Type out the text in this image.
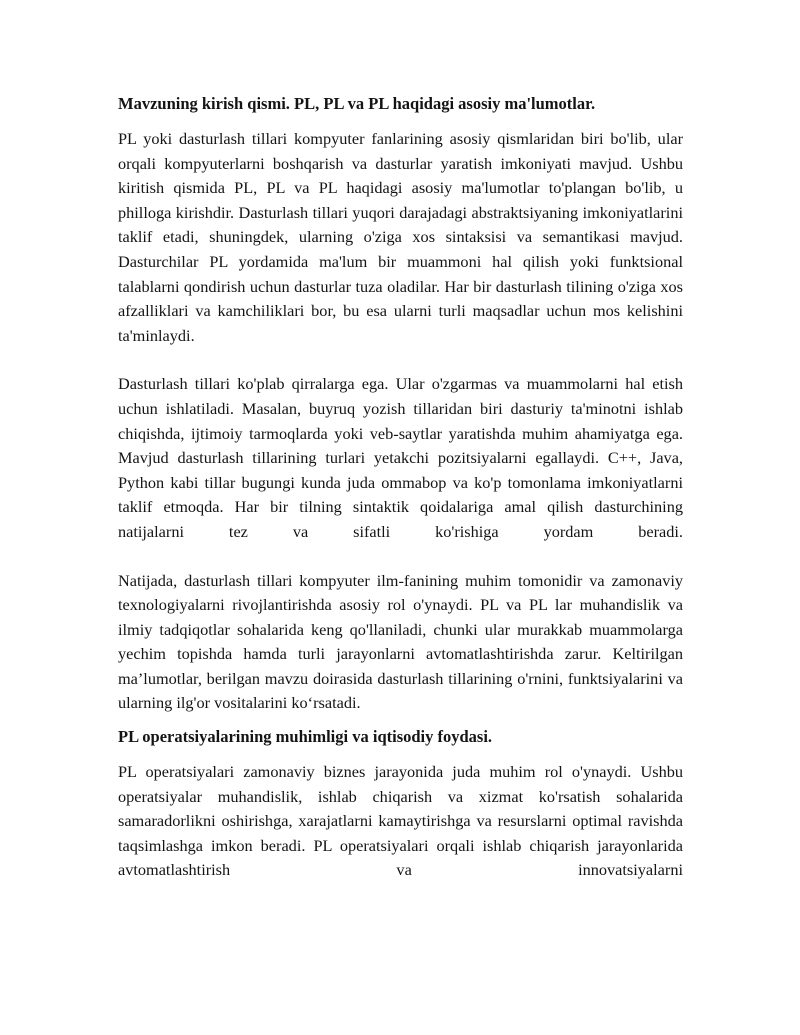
Mavzuning kirish qismi. PL, PL va PL haqidagi asosiy ma'lumotlar.

PL yoki dasturlash tillari kompyuter fanlarining asosiy qismlaridan biri bo'lib, ular orqali kompyuterlarni boshqarish va dasturlar yaratish imkoniyati mavjud. Ushbu kiritish qismida PL, PL va PL haqidagi asosiy ma'lumotlar to'plangan bo'lib, u philloga kirishdir. Dasturlash tillari yuqori darajadagi abstraktsiyaning imkoniyatlarini taklif etadi, shuningdek, ularning o'ziga xos sintaksisi va semantikasi mavjud. Dasturchilar PL yordamida ma'lum bir muammoni hal qilish yoki funktsional talablarni qondirish uchun dasturlar tuza oladilar. Har bir dasturlash tilining o'ziga xos afzalliklari va kamchiliklari bor, bu esa ularni turli maqsadlar uchun mos kelishini ta'minlaydi.

Dasturlash tillari ko'plab qirralarga ega. Ular o'zgarmas va muammolarni hal etish uchun ishlatiladi. Masalan, buyruq yozish tillaridan biri dasturiy ta'minotni ishlab chiqishda, ijtimoiy tarmoqlarda yoki veb-saytlar yaratishda muhim ahamiyatga ega. Mavjud dasturlash tillarining turlari yetakchi pozitsiyalarni egallaydi. C++, Java, Python kabi tillar bugungi kunda juda ommabop va ko'p tomonlama imkoniyatlarni taklif etmoqda. Har bir tilning sintaktik qoidalariga amal qilish dasturchining natijalarni tez va sifatli ko'rishiga yordam beradi.

Natijada, dasturlash tillari kompyuter ilm-fanining muhim tomonidir va zamonaviy texnologiyalarni rivojlantirishda asosiy rol o'ynaydi. PL va PL lar muhandislik va ilmiy tadqiqotlar sohalarida keng qo'llaniladi, chunki ular murakkab muammolarga yechim topishda hamda turli jarayonlarni avtomatlashtirishda zarur. Keltirilgan ma’lumotlar, berilgan mavzu doirasida dasturlash tillarining o'rnini, funktsiyalarini va ularning ilg'or vositalarini ko‘rsatadi.

PL operatsiyalarining muhimligi va iqtisodiy foydasi.

PL operatsiyalari zamonaviy biznes jarayonida juda muhim rol o'ynaydi. Ushbu operatsiyalar muhandislik, ishlab chiqarish va xizmat ko'rsatish sohalarida samaradorlikni oshirishga, xarajatlarni kamaytirishga va resurslarni optimal ravishda taqsimlashga imkon beradi. PL operatsiyalari orqali ishlab chiqarish jarayonlarida avtomatlashtirish va innovatsiyalarni
